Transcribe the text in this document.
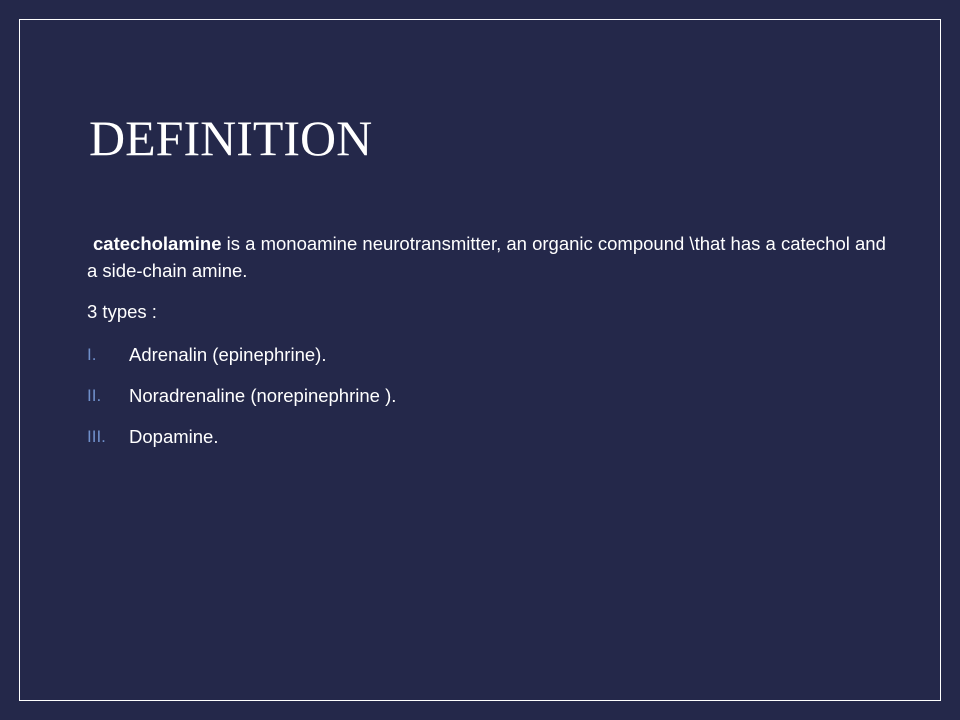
DEFINITION

catecholamine is a monoamine neurotransmitter, an organic compound \that has a catechol and a side-chain amine.

3 types :

I. Adrenalin (epinephrine).
II. Noradrenaline (norepinephrine ).
III. Dopamine.
